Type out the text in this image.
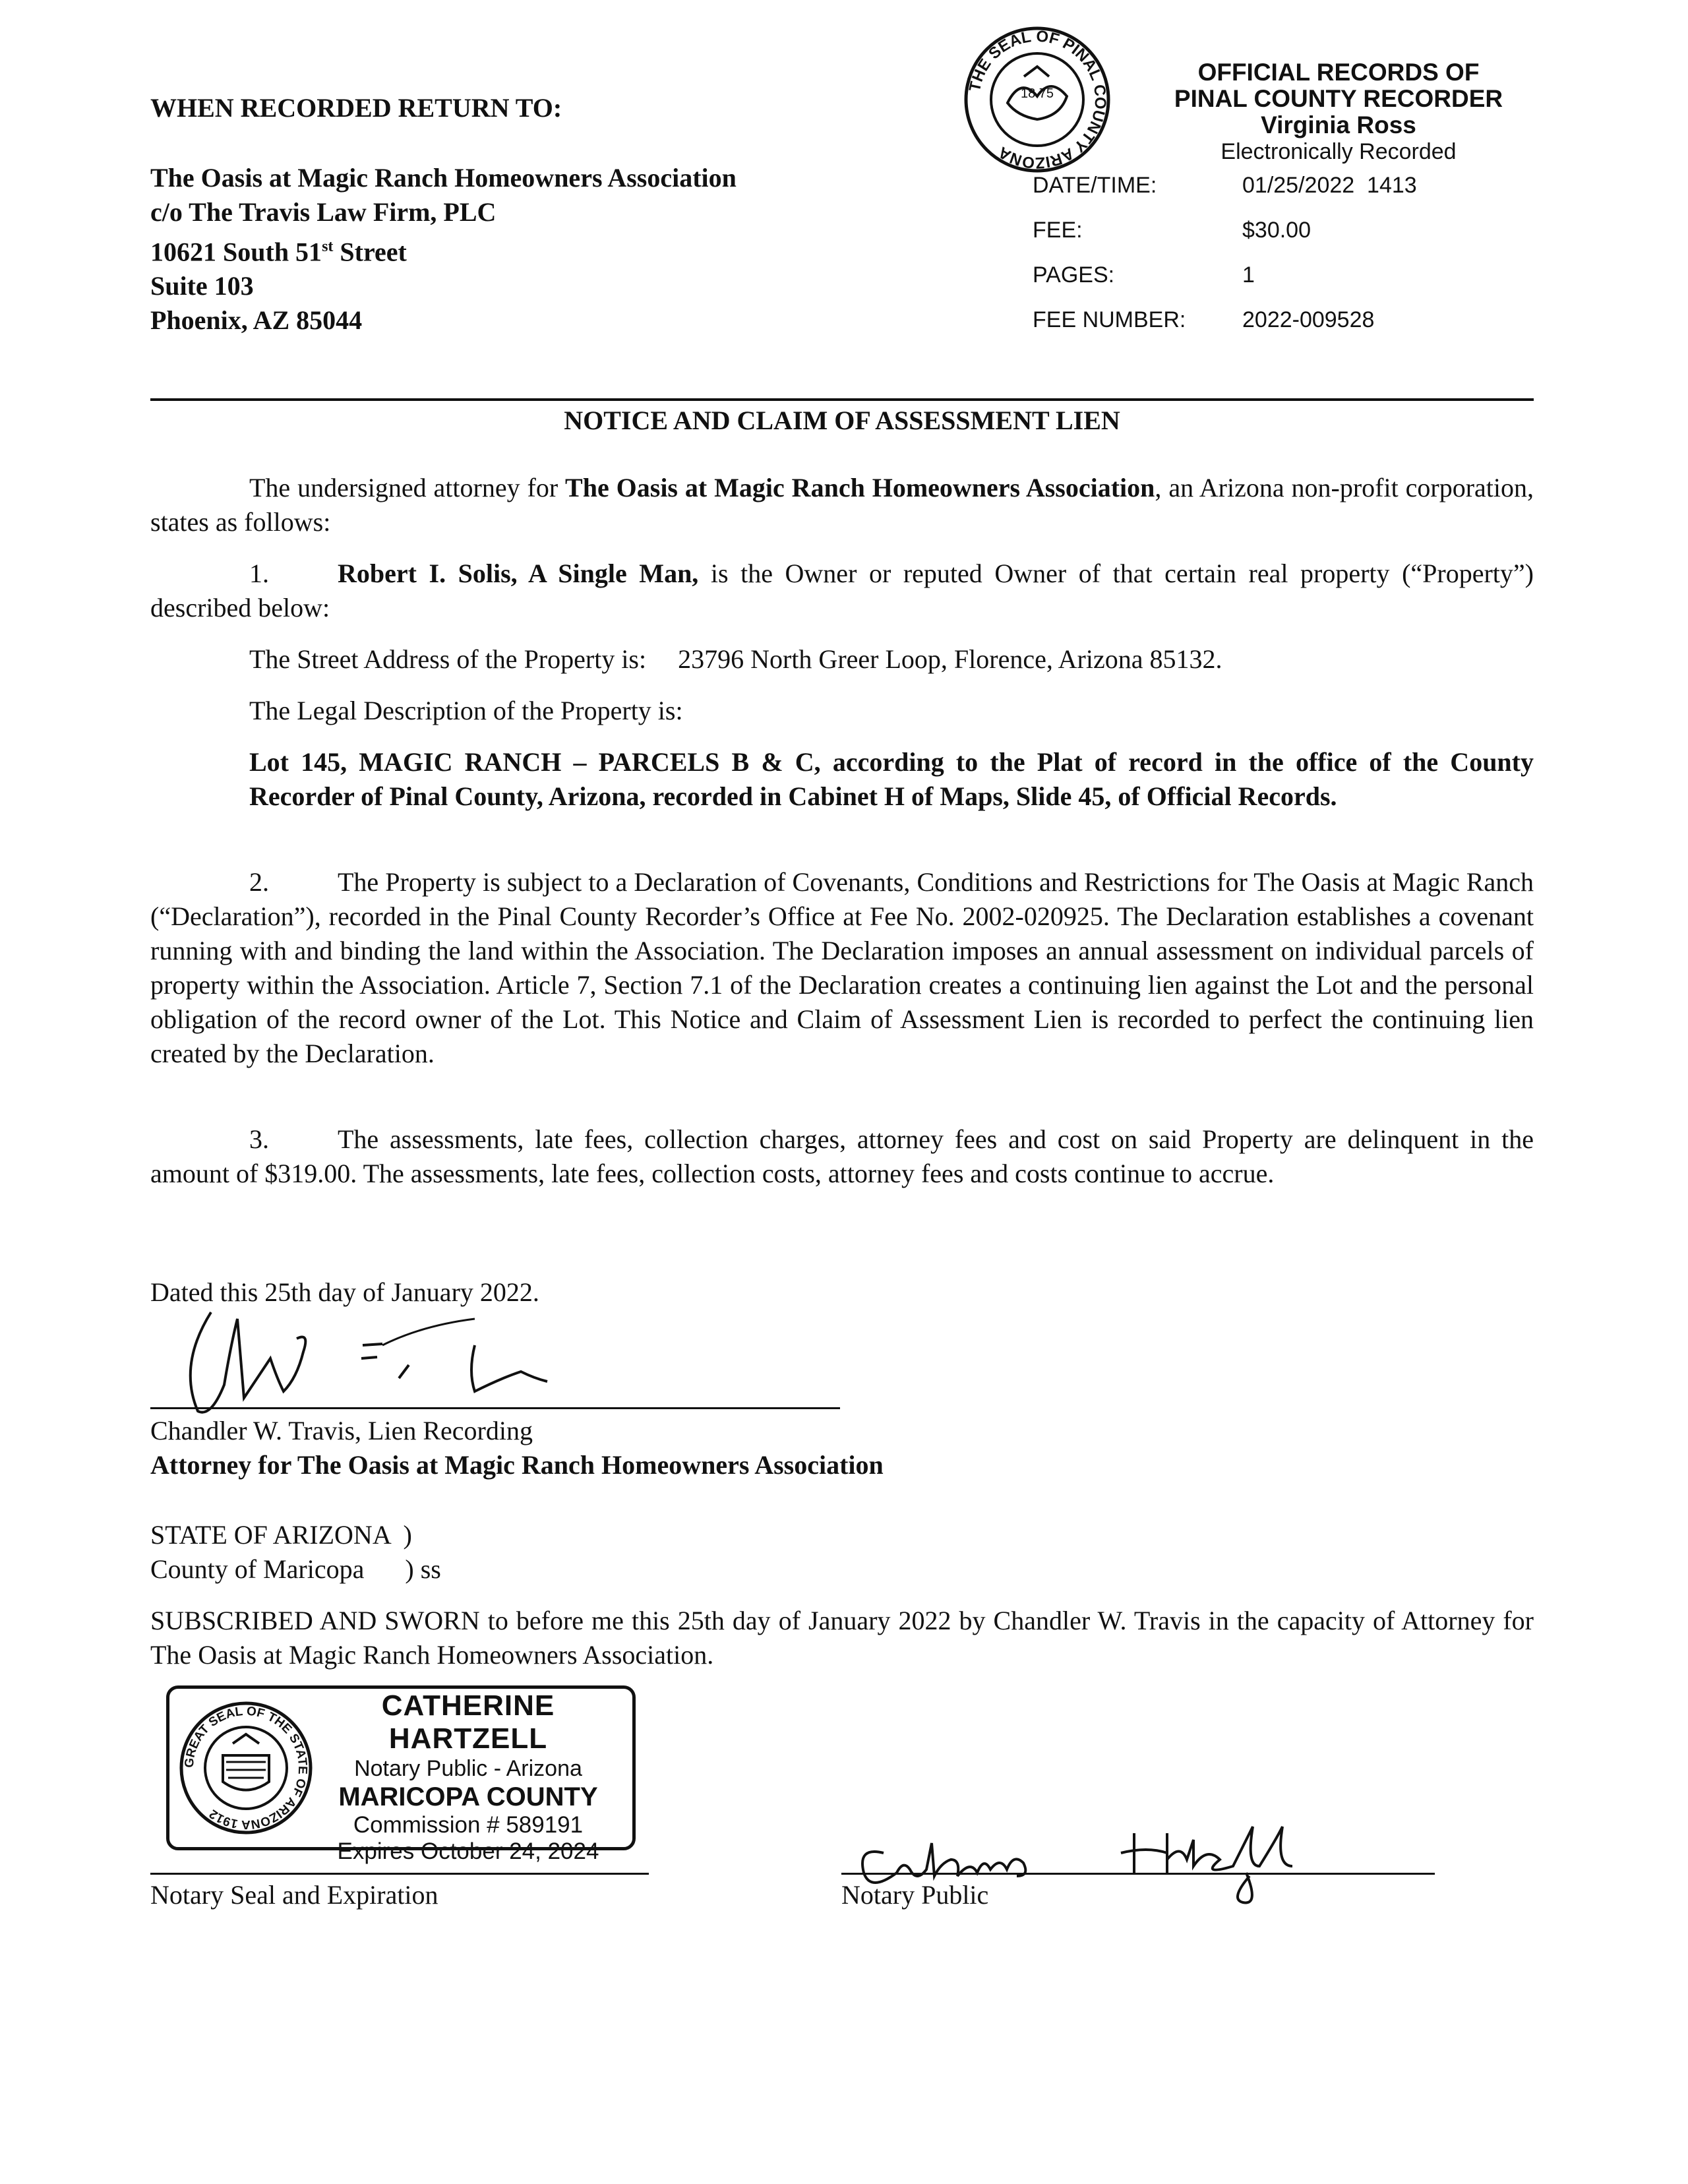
WHEN RECORDED RETURN TO:
The Oasis at Magic Ranch Homeowners Association
c/o The Travis Law Firm, PLC
10621 South 51st Street
Suite 103
Phoenix, AZ 85044
THE SEAL OF PINAL COUNTY ARIZONA
18 75
OFFICIAL RECORDS OF
PINAL COUNTY RECORDER
Virginia Ross
Electronically Recorded
DATE/TIME:	01/25/2022  1413
FEE:	$30.00
PAGES:	1
FEE NUMBER:	2022-009528
NOTICE AND CLAIM OF ASSESSMENT LIEN
The undersigned attorney for The Oasis at Magic Ranch Homeowners Association, an Arizona non-profit corporation, states as follows:
1.	Robert I. Solis, A Single Man, is the Owner or reputed Owner of that certain real property (“Property”) described below:
The Street Address of the Property is: 23796 North Greer Loop, Florence, Arizona 85132.
The Legal Description of the Property is:
Lot 145, MAGIC RANCH – PARCELS B & C, according to the Plat of record in the office of the County Recorder of Pinal County, Arizona, recorded in Cabinet H of Maps, Slide 45, of Official Records.
2.	The Property is subject to a Declaration of Covenants, Conditions and Restrictions for The Oasis at Magic Ranch (“Declaration”), recorded in the Pinal County Recorder’s Office at Fee No. 2002-020925. The Declaration establishes a covenant running with and binding the land within the Association. The Declaration imposes an annual assessment on individual parcels of property within the Association. Article 7, Section 7.1 of the Declaration creates a continuing lien against the Lot and the personal obligation of the record owner of the Lot. This Notice and Claim of Assessment Lien is recorded to perfect the continuing lien created by the Declaration.
3.	The assessments, late fees, collection charges, attorney fees and cost on said Property are delinquent in the amount of $319.00. The assessments, late fees, collection costs, attorney fees and costs continue to accrue.
Dated this 25th day of January 2022.
Chandler W. Travis, Lien Recording
Attorney for The Oasis at Magic Ranch Homeowners Association
STATE OF ARIZONA  )
County of Maricopa ) ss
SUBSCRIBED AND SWORN to before me this 25th day of January 2022 by Chandler W. Travis in the capacity of Attorney for The Oasis at Magic Ranch Homeowners Association.
GREAT SEAL OF THE STATE OF ARIZONA 1912
CATHERINE HARTZELL
Notary Public - Arizona
MARICOPA COUNTY
Commission # 589191
Expires October 24, 2024
Notary Seal and Expiration	Notary Public
